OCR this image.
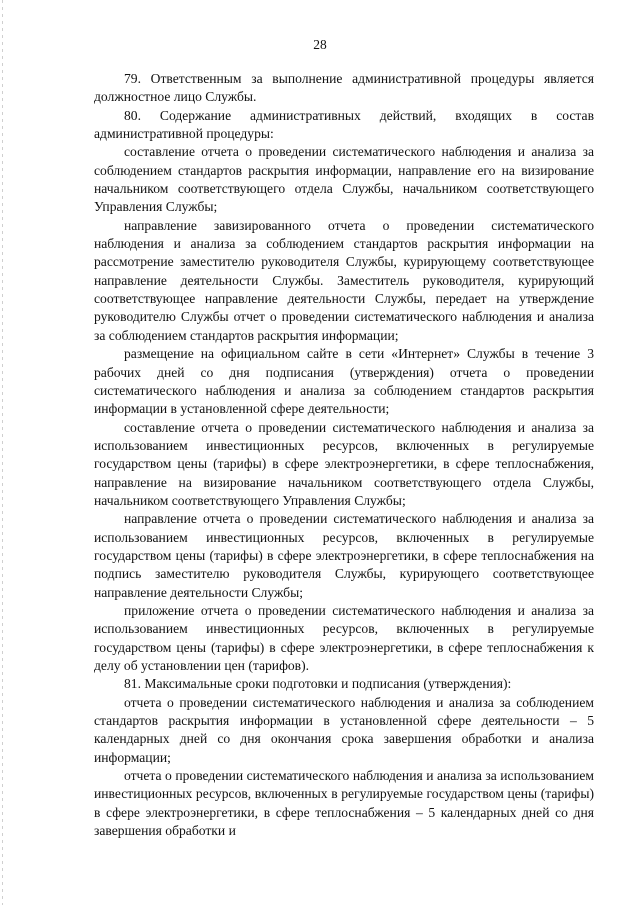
28

79. Ответственным за выполнение административной процедуры является должностное лицо Службы.

80. Содержание административных действий, входящих в состав административной процедуры:

составление отчета о проведении систематического наблюдения и анализа за соблюдением стандартов раскрытия информации, направление его на визирование начальником соответствующего отдела Службы, начальником соответствующего Управления Службы;

направление завизированного отчета о проведении систематического наблюдения и анализа за соблюдением стандартов раскрытия информации на рассмотрение заместителю руководителя Службы, курирующему соответствующее направление деятельности Службы. Заместитель руководителя, курирующий соответствующее направление деятельности Службы, передает на утверждение руководителю Службы отчет о проведении систематического наблюдения и анализа за соблюдением стандартов раскрытия информации;

размещение на официальном сайте в сети «Интернет» Службы в течение 3 рабочих дней со дня подписания (утверждения) отчета о проведении систематического наблюдения и анализа за соблюдением стандартов раскрытия информации в установленной сфере деятельности;

составление отчета о проведении систематического наблюдения и анализа за использованием инвестиционных ресурсов, включенных в регулируемые государством цены (тарифы) в сфере электроэнергетики, в сфере теплоснабжения, направление на визирование начальником соответствующего отдела Службы, начальником соответствующего Управления Службы;

направление отчета о проведении систематического наблюдения и анализа за использованием инвестиционных ресурсов, включенных в регулируемые государством цены (тарифы) в сфере электроэнергетики, в сфере теплоснабжения на подпись заместителю руководителя Службы, курирующего соответствующее направление деятельности Службы;

приложение отчета о проведении систематического наблюдения и анализа за использованием инвестиционных ресурсов, включенных в регулируемые государством цены (тарифы) в сфере электроэнергетики, в сфере теплоснабжения к делу об установлении цен (тарифов).

81. Максимальные сроки подготовки и подписания (утверждения):

отчета о проведении систематического наблюдения и анализа за соблюдением стандартов раскрытия информации в установленной сфере деятельности – 5 календарных дней со дня окончания срока завершения обработки и анализа информации;

отчета о проведении систематического наблюдения и анализа за использованием инвестиционных ресурсов, включенных в регулируемые государством цены (тарифы) в сфере электроэнергетики, в сфере теплоснабжения – 5 календарных дней со дня завершения обработки и
